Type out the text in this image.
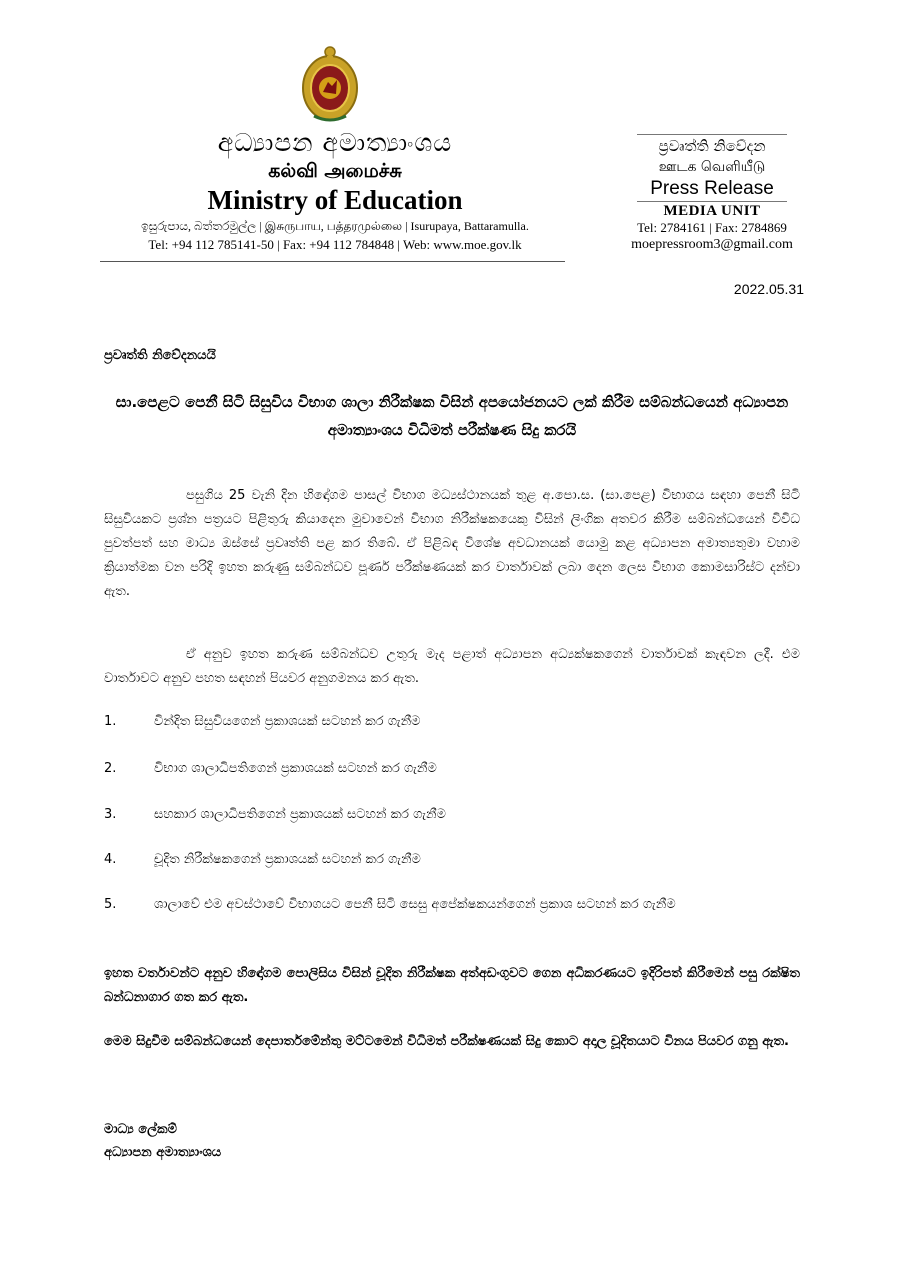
අධ්‍යාපන අමාත්‍යාංශය
கல்வி அமைச்சு
Ministry of Education
ඉසුරුපාය, බත්තරමුල්ල | இசுருபாய, பத்தரமுல்லை | Isurupaya, Battaramulla.
Tel: +94 112 785141-50 | Fax: +94 112 784848 | Web: www.moe.gov.lk
ප්‍රවෘත්ති නිවේදන
ஊடக வெளியீடு
Press Release
MEDIA UNIT
Tel: 2784161 | Fax: 2784869
moepressroom3@gmail.com
2022.05.31
ප්‍රවෘත්ති නිවේදනයයි
සා.පෙළට පෙනී සිටි සිසුවිය විභාග ශාලා නිරීක්ෂක විසින් අපයෝජනයට ලක් කිරීම සම්බන්ධයෙන් අධ්‍යාපන අමාත්‍යාංශය විධිමත් පරීක්ෂණ සිදු කරයි
පසුගිය 25 වැනි දින හිඳෝගම පාසල් විභාග මධ්‍යස්ථානයක් තුළ අ.පො.ස. (සා.පෙළ) විභාගය සඳහා පෙනී සිටි සිසුවියකට ප්‍රශ්න පත්‍රයට පිළිතුරු කියාදෙන මුවාවෙන් විභාග නිරීක්ෂකයෙකු විසින් ලිංගික අතවර කිරීම සම්බන්ධයෙන් විවිධ පුවත්පත් සහ මාධ්‍ය ඔස්සේ ප්‍රවෘත්ති පළ කර තිබේ. ඒ පිළිබඳ විශේෂ අවධානයක් යොමු කළ අධ්‍යාපන අමාත්‍යතුමා වහාම ක්‍රියාත්මක වන පරිදි ඉහත කරුණු සම්බන්ධව පූර්ණ පරීක්ෂණයක් කර වාර්තාවක් ලබා දෙන ලෙස විභාග කොමසාරිස්ට දන්වා ඇත.
ඒ අනුව ඉහත කරුණ සම්බන්ධව උතුරු මැද පළාත් අධ්‍යාපන අධ්‍යක්ෂකගෙන් වාර්තාවක් කැඳවන ලදී. එම වාර්තාවට අනුව පහත සඳහන් පියවර අනුගමනය කර ඇත.
1.	වින්දිත සිසුවියගෙන් ප්‍රකාශයක් සටහන් කර ගැනීම
2.	විභාග ශාලාධිපතිගෙන් ප්‍රකාශයක් සටහන් කර ගැනීම
3.	සහකාර ශාලාධිපතිගෙන් ප්‍රකාශයක් සටහන් කර ගැනීම
4.	චූදිත නිරීක්ෂකගෙන් ප්‍රකාශයක් සටහන් කර ගැනීම
5.	ශාලාවේ එම අවස්ථාවේ විභාගයට පෙනී සිටි සෙසු අපේක්ෂකයන්ගෙන් ප්‍රකාශ සටහන් කර ගැනීම
ඉහත වර්තාවන්ට අනුව හිඳෝගම පොලිසිය විසින් චූදිත නිරීක්ෂක අත්අඩංගුවට ගෙන අධිකරණයට ඉදිරිපත් කිරීමෙන් පසු රක්ෂිත බන්ධනාගාර ගත කර ඇත.
මෙම සිදුවීම සම්බන්ධයෙන් දෙපාර්තමේන්තු මට්ටමෙන් විධිමත් පරීක්ෂණයක් සිදු කොට අදාල චූදිතයාට විනය පියවර ගනු ඇත.
මාධ්‍ය ලේකම්
අධ්‍යාපන අමාත්‍යාංශය
